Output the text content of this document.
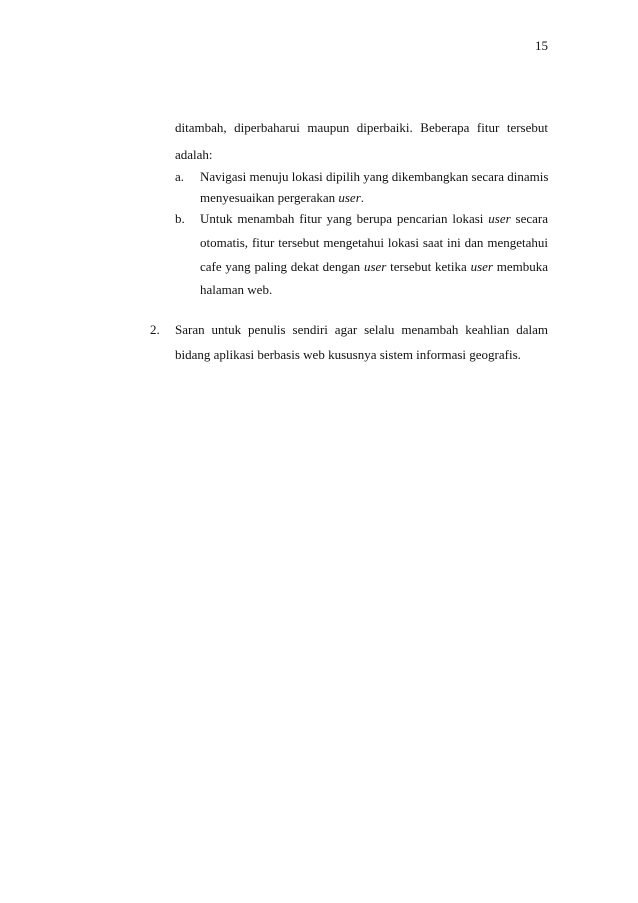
15
ditambah, diperbaharui maupun diperbaiki. Beberapa fitur tersebut
adalah:
a. Navigasi menuju lokasi dipilih yang dikembangkan secara dinamis
menyesuaikan pergerakan user.
b. Untuk menambah fitur yang berupa pencarian lokasi user secara
otomatis, fitur tersebut mengetahui lokasi saat ini dan mengetahui
cafe yang paling dekat dengan user tersebut ketika user membuka
halaman web.
2. Saran untuk penulis sendiri agar selalu menambah keahlian dalam
bidang aplikasi berbasis web kususnya sistem informasi geografis.
